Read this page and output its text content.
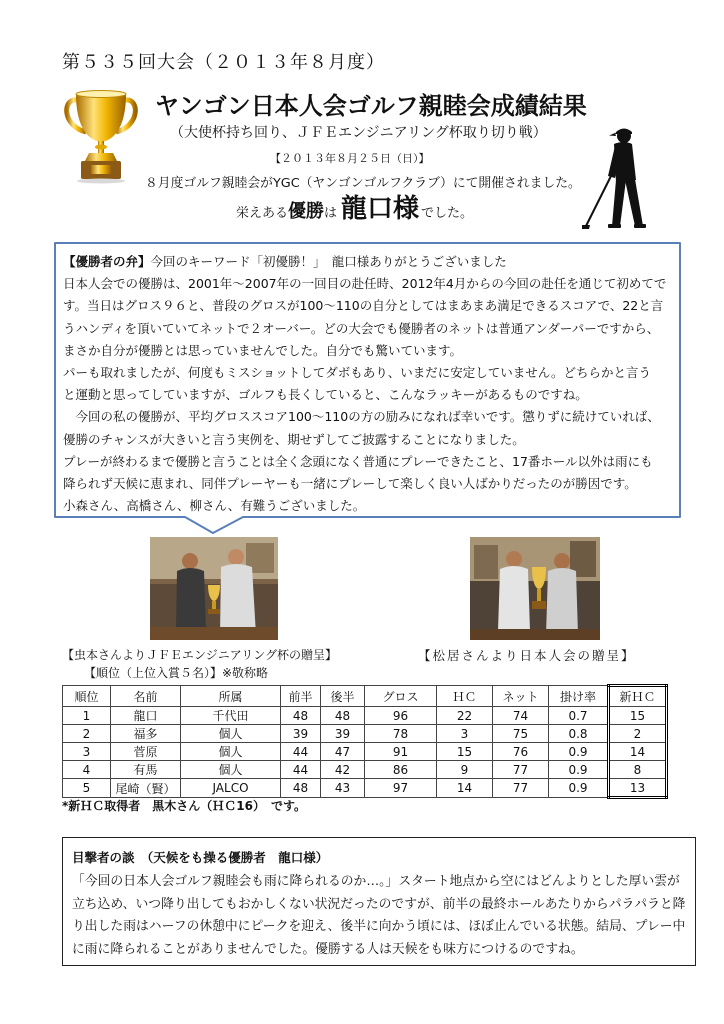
第５３５回大会（２０１３年８月度）
ヤンゴン日本人会ゴルフ親睦会成績結果
（大使杯持ち回り、ＪＦＥエンジニアリング杯取り切り戦）
【２０１３年８月２５日（日）】
８月度ゴルフ親睦会がYGC（ヤンゴンゴルフクラブ）にて開催されました。
栄えある 優勝 は 龍口様 でした。
【優勝者の弁】今回のキーワード「初優勝！」　龍口様ありがとうございました
日本人会での優勝は、2001年～2007年の一回目の赴任時、2012年4月からの今回の赴任を通じて初めてで
す。当日はグロス９６と、普段のグロスが100～110の自分としてはまあまあ満足できるスコアで、22と言
うハンディを頂いていてネットで２オーバー。どの大会でも優勝者のネットは普通アンダーパーですから、
まさか自分が優勝とは思っていませんでした。自分でも驚いています。
パーも取れましたが、何度もミスショットしてダボもあり、いまだに安定していません。どちらかと言う
と運動と思ってしていますが、ゴルフも長くしていると、こんなラッキーがあるものですね。
　今回の私の優勝が、平均グロススコア100～110の方の励みになれば幸いです。懲りずに続けていれば、
優勝のチャンスが大きいと言う実例を、期せずしてご披露することになりました。
プレーが終わるまで優勝と言うことは全く念頭になく普通にプレーできたこと、17番ホール以外は雨にも
降られず天候に恵まれ、同伴プレーヤーも一緒にプレーして楽しく良い人ばかりだったのが勝因です。
小森さん、高橋さん、柳さん、有難うございました。
【虫本さんよりＪＦＥエンジニアリング杯の贈呈】	【松居さんより日本人会の贈呈】
【順位（上位入賞５名）】※敬称略
順位	名前	所属	前半	後半	グロス	ＨＣ	ネット	掛け率	新ＨＣ
1	龍口	千代田	48	48	96	22	74	0.7	15
2	福多	個人	39	39	78	3	75	0.8	2
3	菅原	個人	44	47	91	15	76	0.9	14
4	有馬	個人	44	42	86	9	77	0.9	8
5	尾崎（賢）	JALCO	48	43	97	14	77	0.9	13
*新ＨＣ取得者　黒木さん（ＨＣ16）　です。
目撃者の談　（天候をも操る優勝者　龍口様）
「今回の日本人会ゴルフ親睦会も雨に降られるのか…。」スタート地点から空にはどんよりとした厚い雲が
立ち込め、いつ降り出してもおかしくない状況だったのですが、前半の最終ホールあたりからパラパラと降
り出した雨はハーフの休憩中にピークを迎え、後半に向かう頃には、ほぼ止んでいる状態。結局、プレー中
に雨に降られることがありませんでした。優勝する人は天候をも味方につけるのですね。
